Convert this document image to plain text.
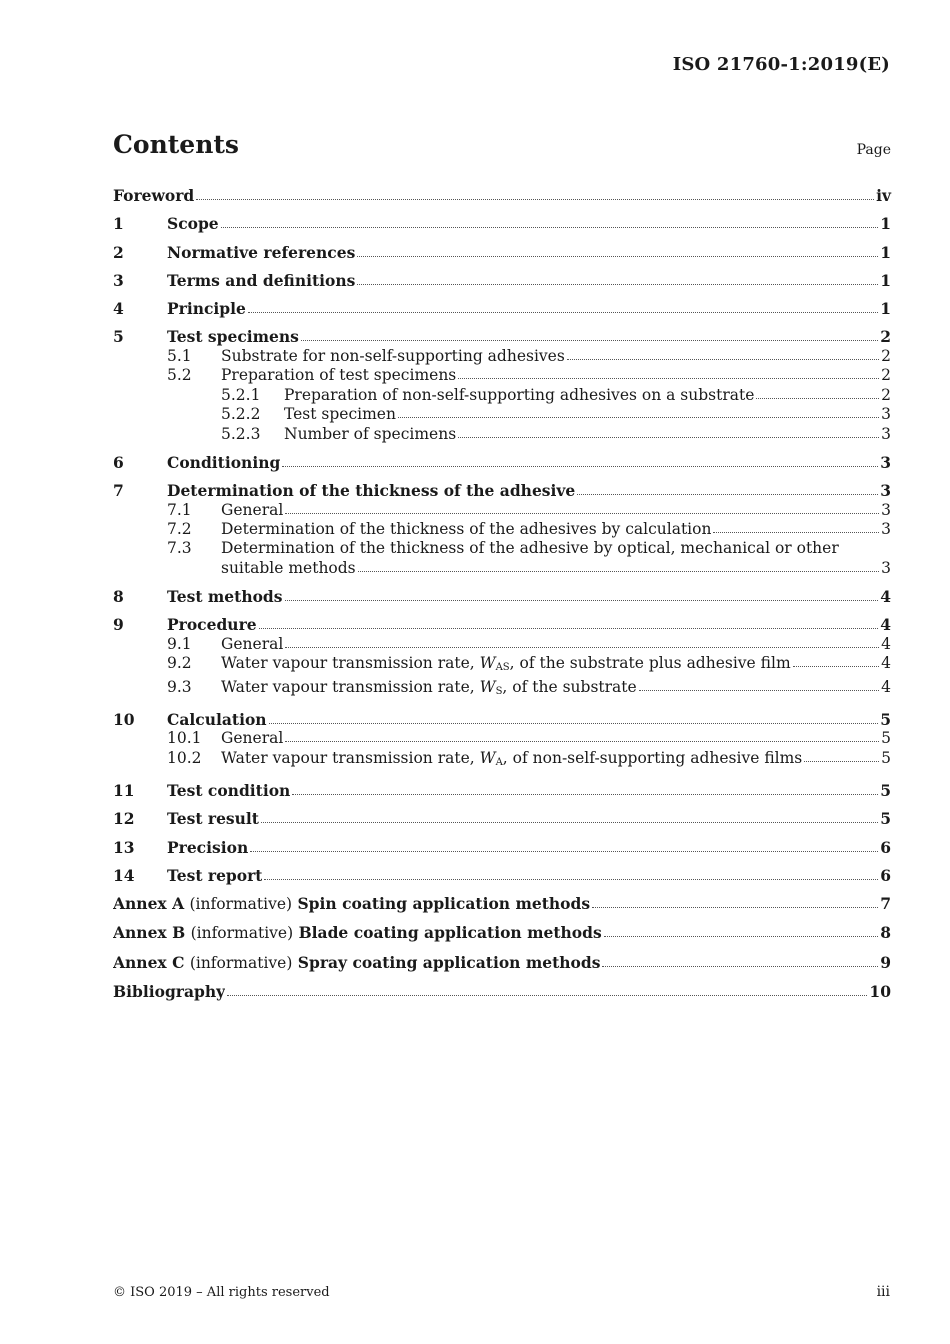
ISO 21760-1:2019(E)
Contents	Page
Foreword	iv
1	Scope	1
2	Normative references	1
3	Terms and definitions	1
4	Principle	1
5	Test specimens	2
5.1	Substrate for non-self-supporting adhesives	2
5.2	Preparation of test specimens	2
5.2.1	Preparation of non-self-supporting adhesives on a substrate	2
5.2.2	Test specimen	3
5.2.3	Number of specimens	3
6	Conditioning	3
7	Determination of the thickness of the adhesive	3
7.1	General	3
7.2	Determination of the thickness of the adhesives by calculation	3
7.3 Determination of the thickness of the adhesive by optical, mechanical or other
suitable methods	3
8	Test methods	4
9	Procedure	4
9.1	General	4
9.2	Water vapour transmission rate, $W_{AS}$, of the substrate plus adhesive film	4
9.3	Water vapour transmission rate, $W_S$, of the substrate	4
10	Calculation	5
10.1	General	5
10.2	Water vapour transmission rate, $W_A$, of non-self-supporting adhesive films	5
11	Test condition	5
12	Test result	5
13	Precision	6
14	Test report	6
Annex A (informative) Spin coating application methods	7
Annex B (informative) Blade coating application methods	8
Annex C (informative) Spray coating application methods	9
Bibliography	10
© ISO 2019 – All rights reserved	iii
